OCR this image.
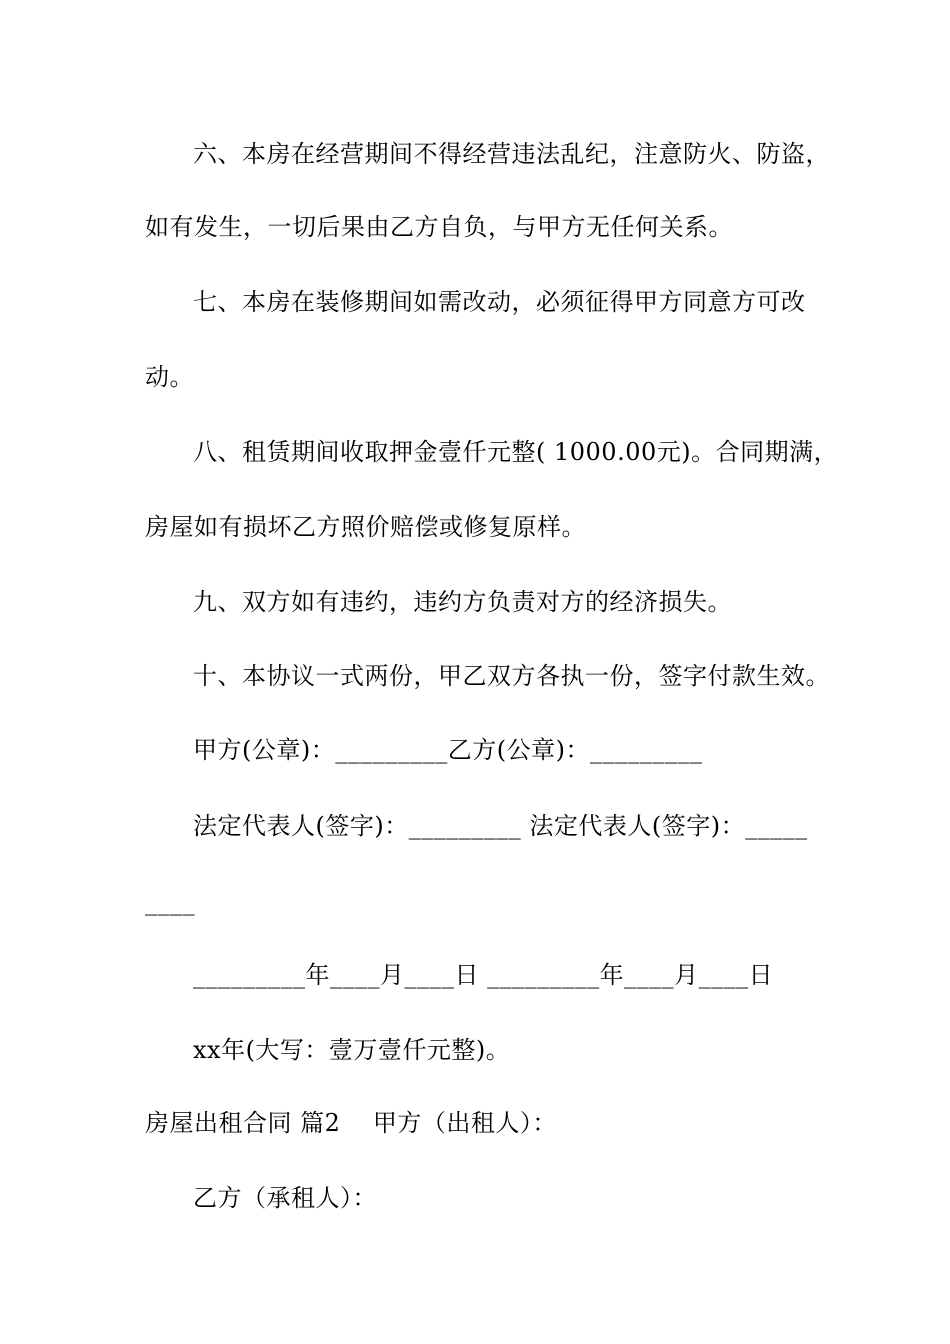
六、本房在经营期间不得经营违法乱纪，注意防火、防盗，
如有发生，一切后果由乙方自负，与甲方无任何关系。
七、本房在装修期间如需改动，必须征得甲方同意方可改
动。
八、租赁期间收取押金壹仟元整( 1000.00元)。合同期满，
房屋如有损坏乙方照价赔偿或修复原样。
九、双方如有违约，违约方负责对方的经济损失。
十、本协议一式两份，甲乙双方各执一份，签字付款生效。
甲方(公章)：_________乙方(公章)：_________
法定代表人(签字)：_________ 法定代表人(签字)：_____
____
_________年____月____日 _________年____月____日
xx年(大写：壹万壹仟元整)。
房屋出租合同 篇2    甲方（出租人）：
乙方（承租人）：
